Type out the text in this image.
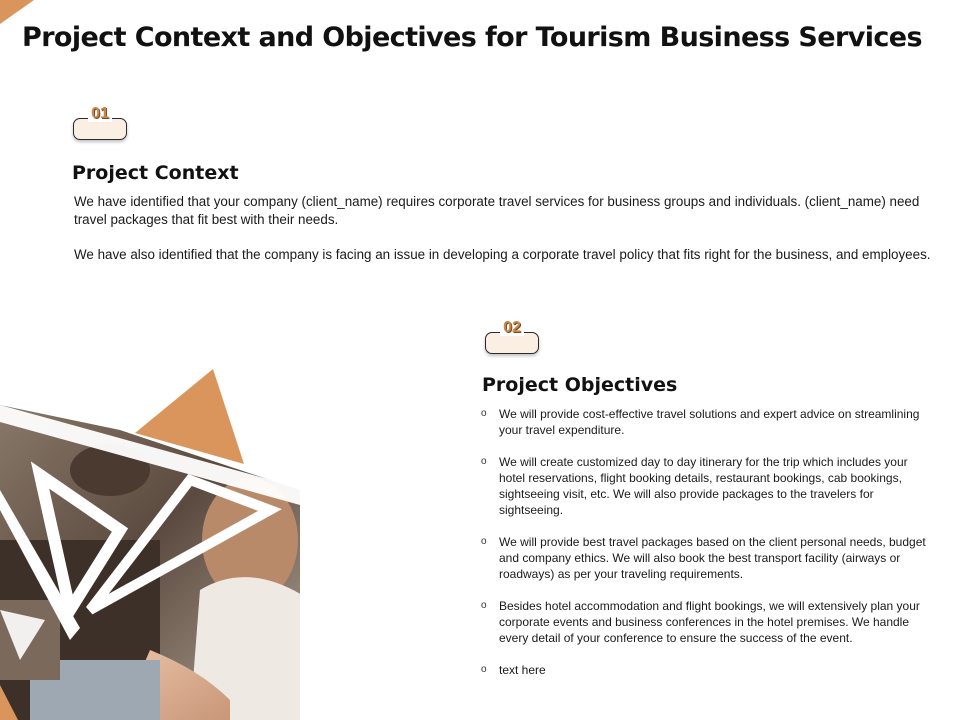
Project Context and Objectives for Tourism Business Services
01
Project Context

We have identified that your company (client_name) requires corporate travel services for business groups and individuals. (client_name) need travel packages that fit best with their needs.

We have also identified that the company is facing an issue in developing a corporate travel policy that fits right for the business, and employees.

02
Project Objectives
o We will provide cost-effective travel solutions and expert advice on streamlining your travel expenditure.
o We will create customized day to day itinerary for the trip which includes your hotel reservations, flight booking details, restaurant bookings, cab bookings, sightseeing visit, etc. We will also provide packages to the travelers for sightseeing.
o We will provide best travel packages based on the client personal needs, budget and company ethics. We will also book the best transport facility (airways or roadways) as per your traveling requirements.
o Besides hotel accommodation and flight bookings, we will extensively plan your corporate events and business conferences in the hotel premises. We handle every detail of your conference to ensure the success of the event.
o text here
